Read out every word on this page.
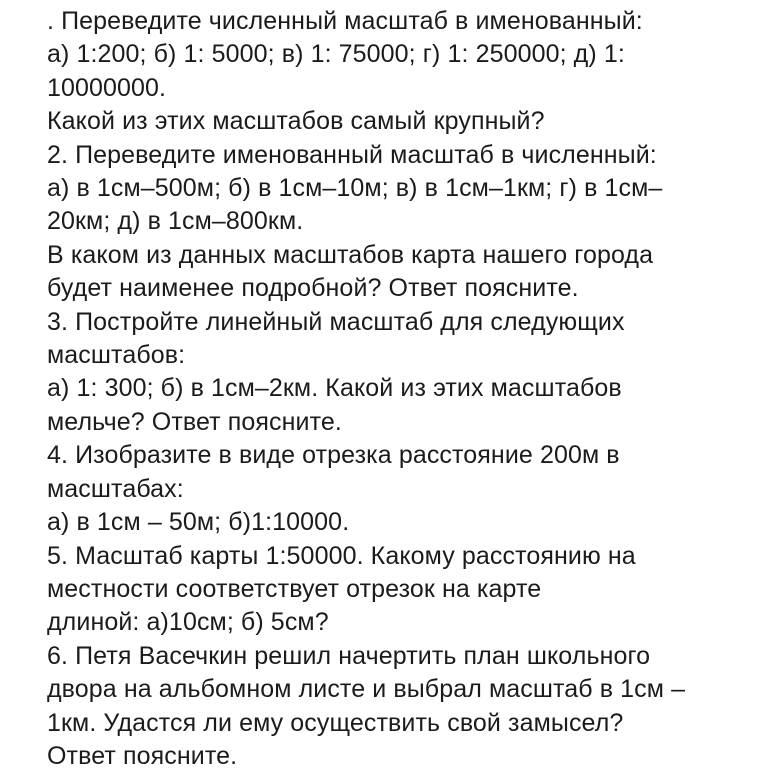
. Переведите численный масштаб в именованный:
а) 1:200; б) 1: 5000; в) 1: 75000; г) 1: 250000; д) 1:
10000000.
Какой из этих масштабов самый крупный?
2. Переведите именованный масштаб в численный:
а) в 1см–500м; б) в 1см–10м; в) в 1см–1км; г) в 1см–
20км; д) в 1см–800км.
В каком из данных масштабов карта нашего города
будет наименее подробной? Ответ поясните.
3. Постройте линейный масштаб для следующих
масштабов:
а) 1: 300; б) в 1см–2км. Какой из этих масштабов
мельче? Ответ поясните.
4. Изобразите в виде отрезка расстояние 200м в
масштабах:
а) в 1см – 50м; б)1:10000.
5. Масштаб карты 1:50000. Какому расстоянию на
местности соответствует отрезок на карте
длиной: а)10см; б) 5см?
6. Петя Васечкин решил начертить план школьного
двора на альбомном листе и выбрал масштаб в 1см –
1км. Удастся ли ему осуществить свой замысел?
Ответ поясните.
